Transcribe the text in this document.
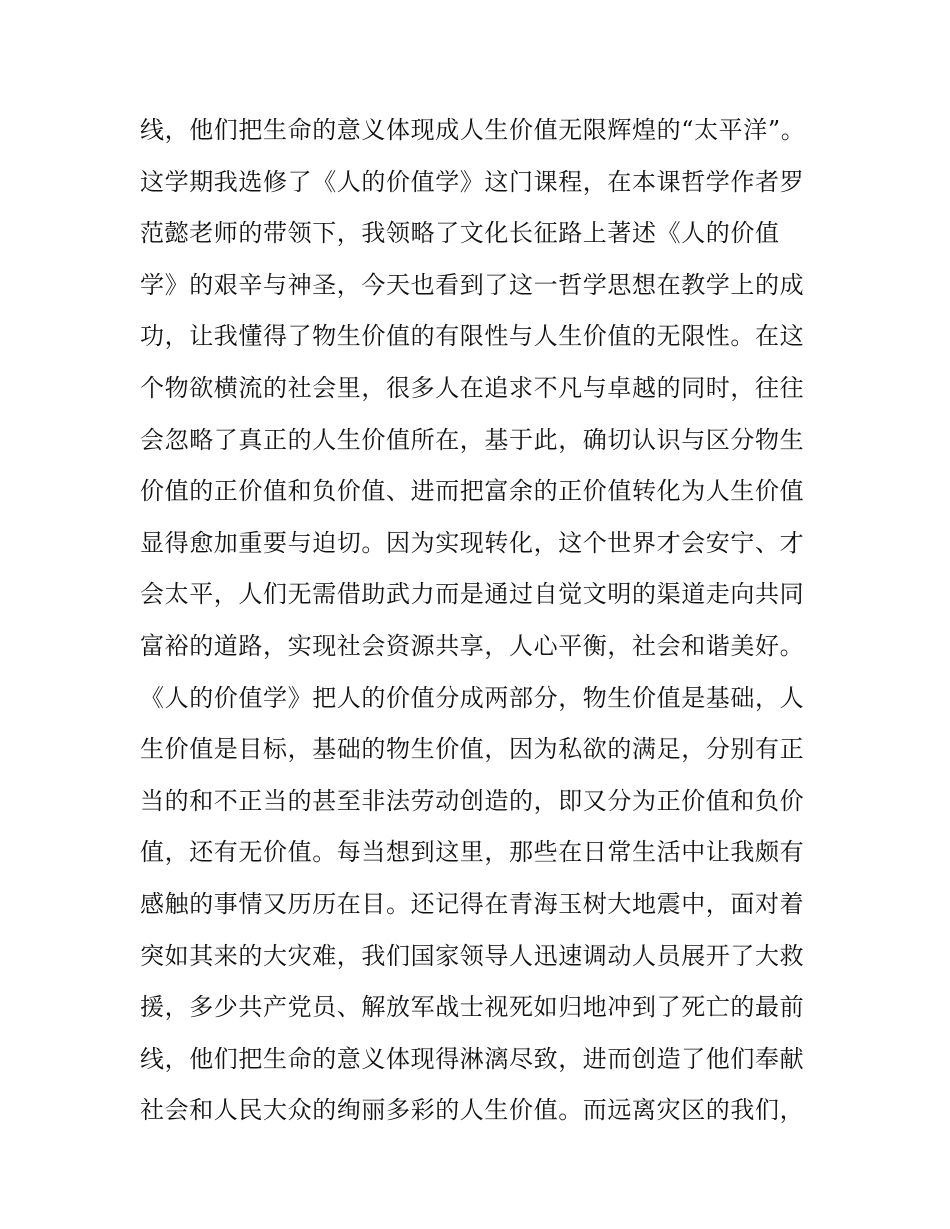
线，他们把生命的意义体现成人生价值无限辉煌的“太平洋”。
这学期我选修了《人的价值学》这门课程，在本课哲学作者罗
范懿老师的带领下，我领略了文化长征路上著述《人的价值
学》的艰辛与神圣，今天也看到了这一哲学思想在教学上的成
功，让我懂得了物生价值的有限性与人生价值的无限性。在这
个物欲横流的社会里，很多人在追求不凡与卓越的同时，往往
会忽略了真正的人生价值所在，基于此，确切认识与区分物生
价值的正价值和负价值、进而把富余的正价值转化为人生价值
显得愈加重要与迫切。因为实现转化，这个世界才会安宁、才
会太平，人们无需借助武力而是通过自觉文明的渠道走向共同
富裕的道路，实现社会资源共享，人心平衡，社会和谐美好。
《人的价值学》把人的价值分成两部分，物生价值是基础，人
生价值是目标，基础的物生价值，因为私欲的满足，分别有正
当的和不正当的甚至非法劳动创造的，即又分为正价值和负价
值，还有无价值。每当想到这里，那些在日常生活中让我颇有
感触的事情又历历在目。还记得在青海玉树大地震中，面对着
突如其来的大灾难，我们国家领导人迅速调动人员展开了大救
援，多少共产党员、解放军战士视死如归地冲到了死亡的最前
线，他们把生命的意义体现得淋漓尽致，进而创造了他们奉献
社会和人民大众的绚丽多彩的人生价值。而远离灾区的我们，
